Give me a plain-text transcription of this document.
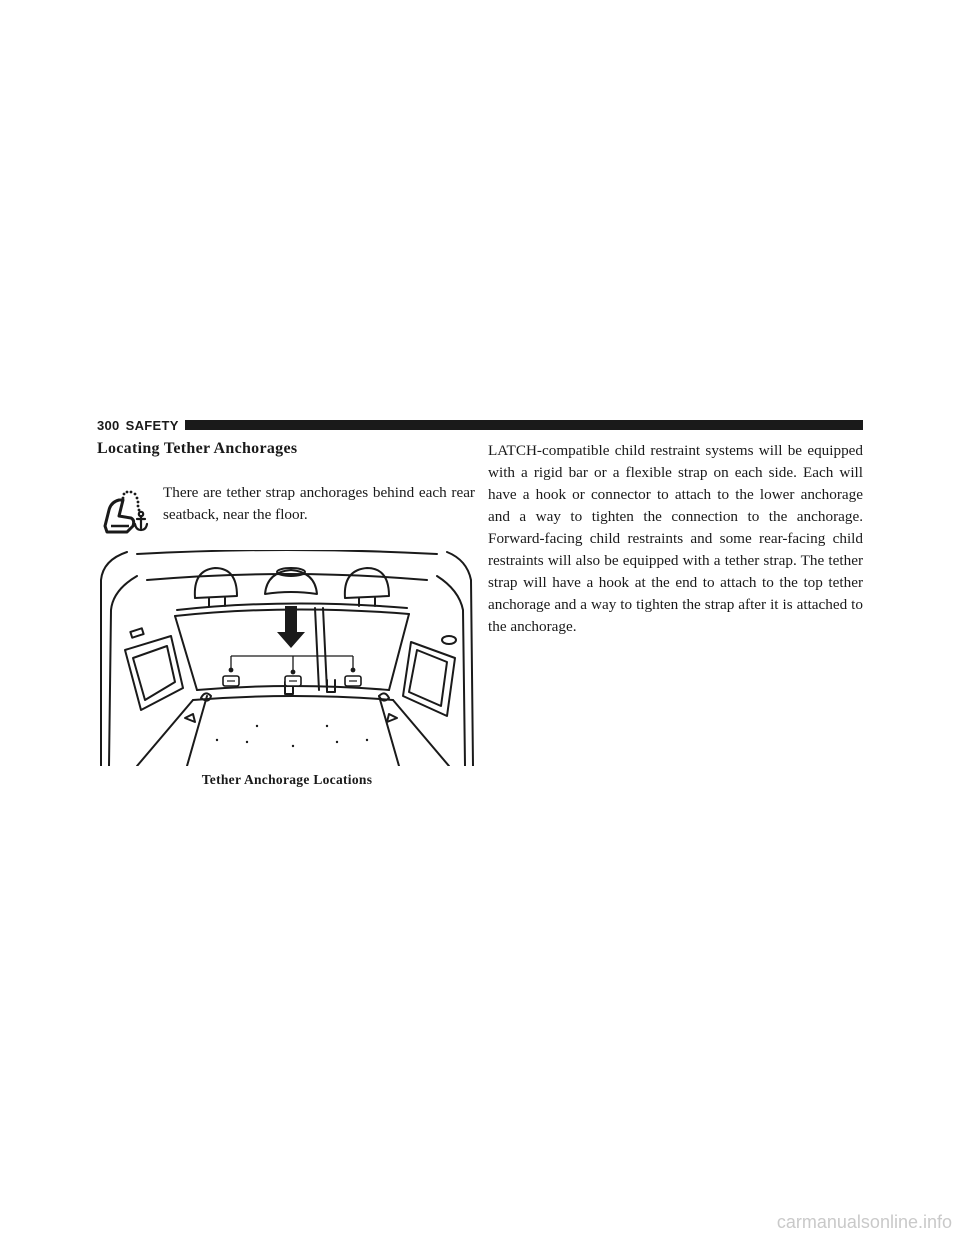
300 SAFETY
Locating Tether Anchorages
There are tether strap anchorages behind each rear seatback, near the floor.
Tether Anchorage Locations

LATCH-compatible child restraint systems will be equipped with a rigid bar or a flexible strap on each side. Each will have a hook or connector to attach to the lower anchorage and a way to tighten the connection to the anchorage. Forward-facing child restraints and some rear-facing child restraints will also be equipped with a tether strap. The tether strap will have a hook at the end to attach to the top tether anchorage and a way to tighten the strap after it is attached to the anchorage.

carmanualsonline.info
